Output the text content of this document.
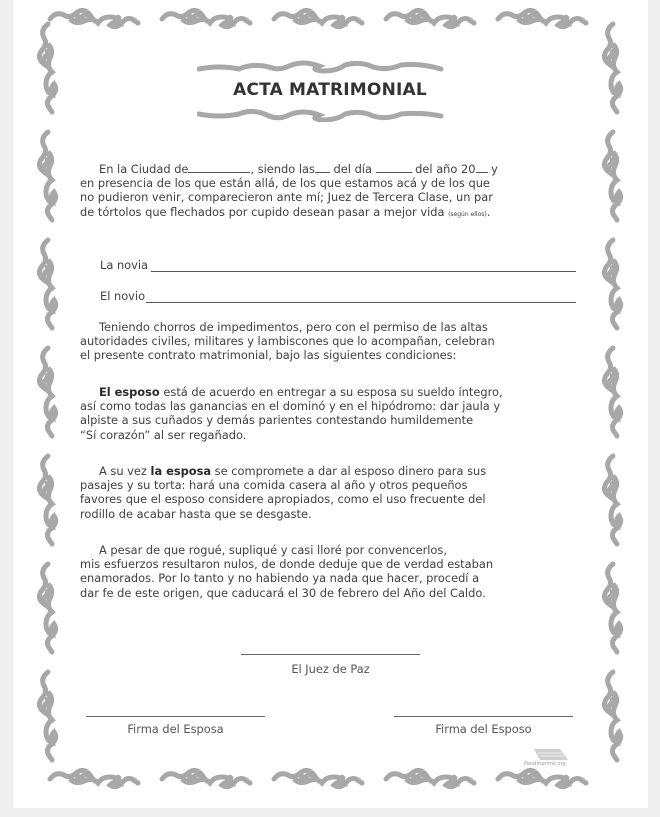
ACTA MATRIMONIAL
En la Ciudad de	, siendo las del día	del año 20 y
en presencia de los que están allá, de los que estamos acá y de los que
no pudieron venir, comparecieron ante mí; Juez de Tercera Clase, un par
de tórtolos que flechados por cupido desean pasar a mejor vida (según ellos).
La novia
El novio
Teniendo chorros de impedimentos, pero con el permiso de las altas
autoridades civiles, militares y lambiscones que lo acompañan, celebran
el presente contrato matrimonial, bajo las siguientes condiciones:
El esposo está de acuerdo en entregar a su esposa su sueldo íntegro,
así como todas las ganancias en el dominó y en el hipódromo: dar jaula y
alpiste a sus cuñados y demás parientes contestando humildemente
“Sí corazón” al ser regañado.
A su vez la esposa se compromete a dar al esposo dinero para sus
pasajes y su torta: hará una comida casera al año y otros pequeños
favores que el esposo considere apropiados, como el uso frecuente del
rodillo de acabar hasta que se desgaste.
A pesar de que rogué, supliqué y casi lloré por convencerlos,
mis esfuerzos resultaron nulos, de donde deduje que de verdad estaban
enamorados. Por lo tanto y no habiendo ya nada que hacer, procedí a
dar fe de este origen, que caducará el 30 de febrero del Año del Caldo.
El Juez de Paz
Firma del Esposa	Firma del Esposo
ParaImprimir.org
